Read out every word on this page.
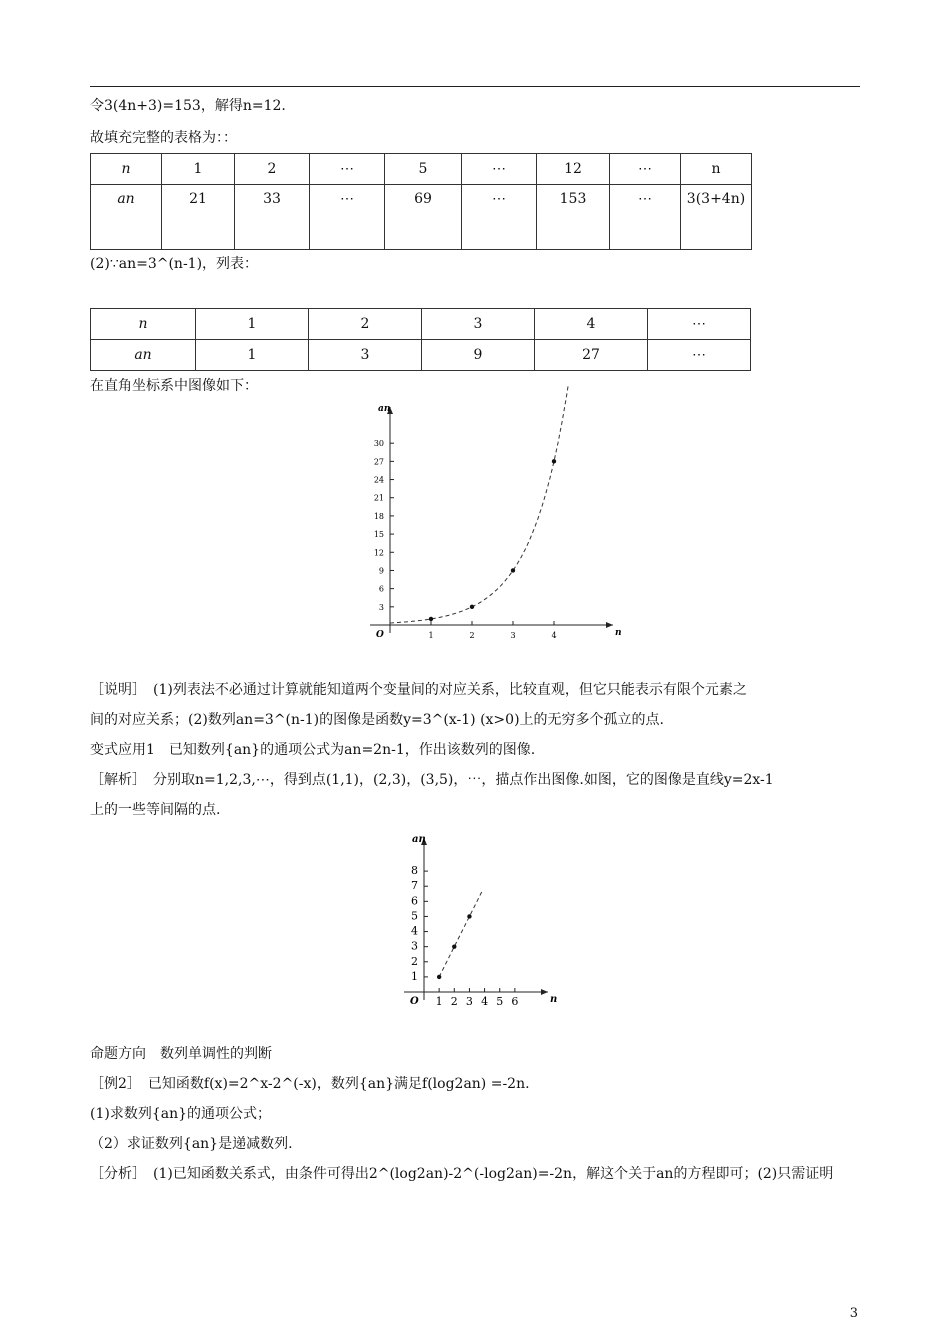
令3(4n+3)=153，解得n=12.
故填充完整的表格为：：
n	1	2	⋯	5	⋯	12	⋯	n
an	21	33	⋯	69	⋯	153	⋯	3(3+4n)
(2)∵an=3^(n-1)，列表：
n	1	2	3	4	⋯
an	1	3	9	27	⋯
在直角坐标系中图像如下：
n
an
O	1	2	3	4
3
6
9
12
15
18
21
24
27
30
［说明］　(1)列表法不必通过计算就能知道两个变量间的对应关系，比较直观，但它只能表示有限个元素之
间的对应关系；(2)数列an=3^(n-1)的图像是函数y=3^(x-1) (x>0)上的无穷多个孤立的点.
变式应用1　已知数列{an}的通项公式为an=2n-1，作出该数列的图像.
［解析］　分别取n=1,2,3,⋯，得到点(1,1)，(2,3)，(3,5)，⋯，描点作出图像.如图，它的图像是直线y=2x-1
上的一些等间隔的点.
n
an
O 1 2 3 4 5 6
1
2
3
4
5
6
7
8
命题方向　数列单调性的判断
［例2］　已知函数f(x)=2^x-2^(-x)，数列{an}满足f(log2an) =-2n.
(1)求数列{an}的通项公式；
（2）求证数列{an}是递减数列.
［分析］　(1)已知函数关系式，由条件可得出2^(log2an)-2^(-log2an)=-2n，解这个关于an的方程即可；(2)只需证明
3
